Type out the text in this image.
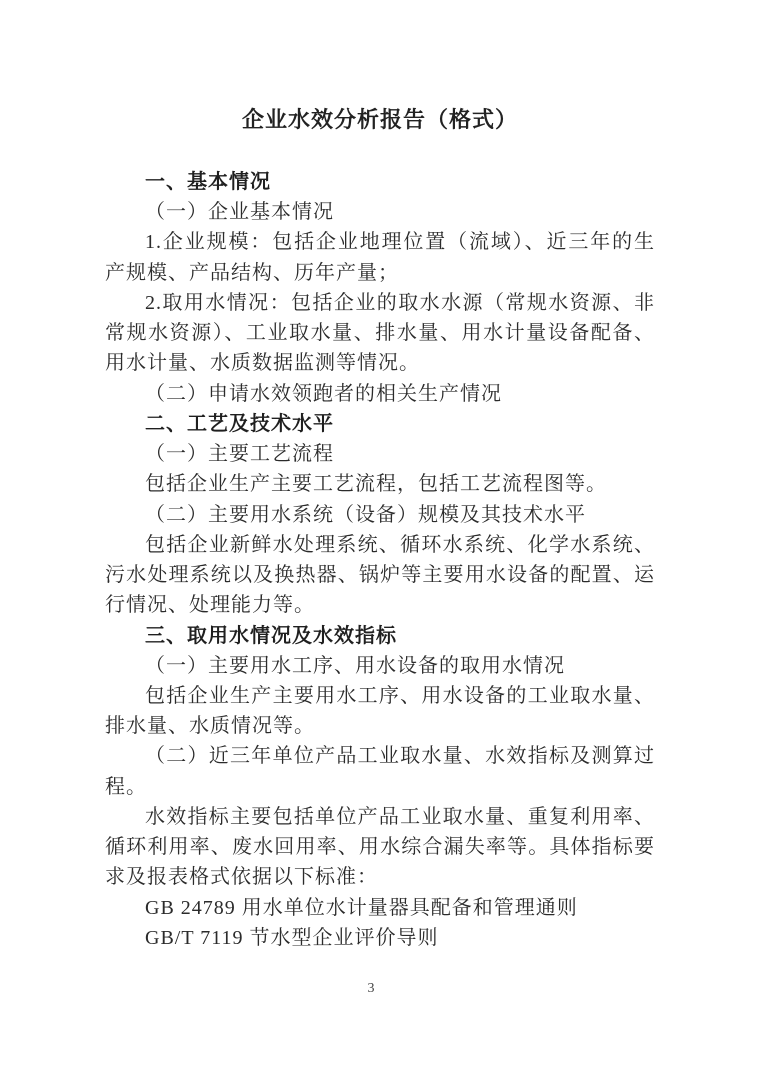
企业水效分析报告（格式）

一、基本情况

（一）企业基本情况

1.企业规模：包括企业地理位置（流域）、近三年的生产规模、产品结构、历年产量；

2.取用水情况：包括企业的取水水源（常规水资源、非常规水资源）、工业取水量、排水量、用水计量设备配备、用水计量、水质数据监测等情况。

（二）申请水效领跑者的相关生产情况

二、工艺及技术水平

（一）主要工艺流程

包括企业生产主要工艺流程，包括工艺流程图等。

（二）主要用水系统（设备）规模及其技术水平

包括企业新鲜水处理系统、循环水系统、化学水系统、污水处理系统以及换热器、锅炉等主要用水设备的配置、运行情况、处理能力等。

三、取用水情况及水效指标

（一）主要用水工序、用水设备的取用水情况

包括企业生产主要用水工序、用水设备的工业取水量、排水量、水质情况等。

（二）近三年单位产品工业取水量、水效指标及测算过程。

水效指标主要包括单位产品工业取水量、重复利用率、循环利用率、废水回用率、用水综合漏失率等。具体指标要求及报表格式依据以下标准：

GB 24789 用水单位水计量器具配备和管理通则

GB/T 7119 节水型企业评价导则

3
